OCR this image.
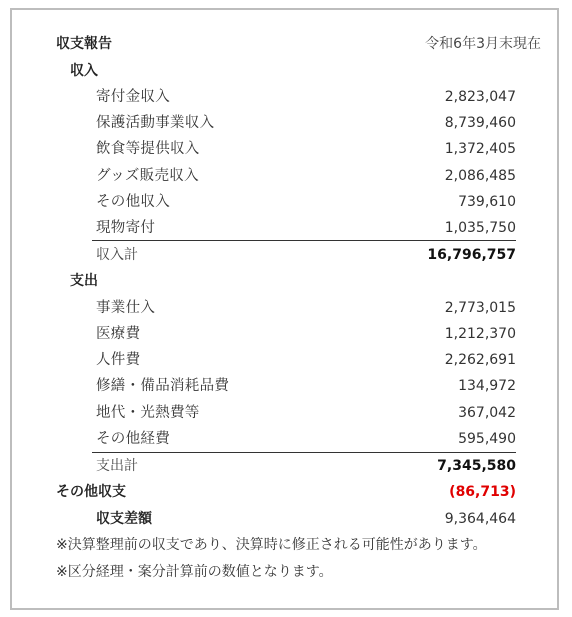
収支報告	令和6年3月末現在
収入
寄付金収入	2,823,047
保護活動事業収入	8,739,460
飲食等提供収入	1,372,405
グッズ販売収入	2,086,485
その他収入	739,610
現物寄付	1,035,750
収入計	16,796,757
支出
事業仕入	2,773,015
医療費	1,212,370
人件費	2,262,691
修繕・備品消耗品費	134,972
地代・光熱費等	367,042
その他経費	595,490
支出計	7,345,580
その他収支	(86,713)
収支差額	9,364,464
※決算整理前の収支であり、決算時に修正される可能性があります。
※区分経理・案分計算前の数値となります。
